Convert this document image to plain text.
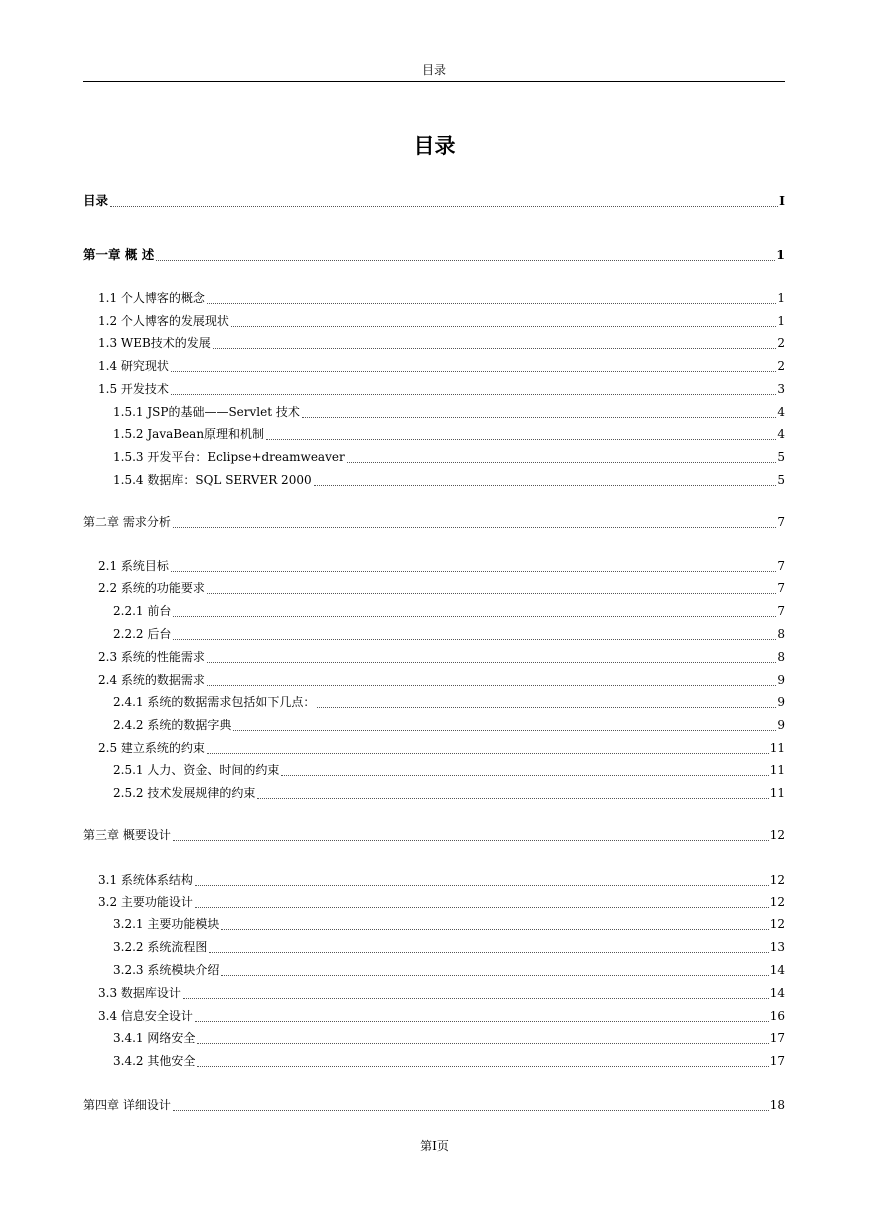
目录
目录
目录	I
第一章 概 述	1
1.1 个人博客的概念	1
1.2 个人博客的发展现状	1
1.3 WEB技术的发展	2
1.4 研究现状	2
1.5 开发技术	3
1.5.1 JSP的基础——Servlet 技术	4
1.5.2 JavaBean原理和机制	4
1.5.3 开发平台：Eclipse+dreamweaver	5
1.5.4 数据库：SQL SERVER 2000	5
第二章 需求分析	7
2.1 系统目标	7
2.2 系统的功能要求	7
2.2.1 前台	7
2.2.2 后台	8
2.3 系统的性能需求	8
2.4 系统的数据需求	9
2.4.1 系统的数据需求包括如下几点：	9
2.4.2 系统的数据字典	9
2.5 建立系统的约束	11
2.5.1 人力、资金、时间的约束	11
2.5.2 技术发展规律的约束	11
第三章 概要设计	12
3.1 系统体系结构	12
3.2 主要功能设计	12
3.2.1 主要功能模块	12
3.2.2 系统流程图	13
3.2.3 系统模块介绍	14
3.3 数据库设计	14
3.4 信息安全设计	16
3.4.1 网络安全	17
3.4.2 其他安全	17
第四章 详细设计	18
第I页
